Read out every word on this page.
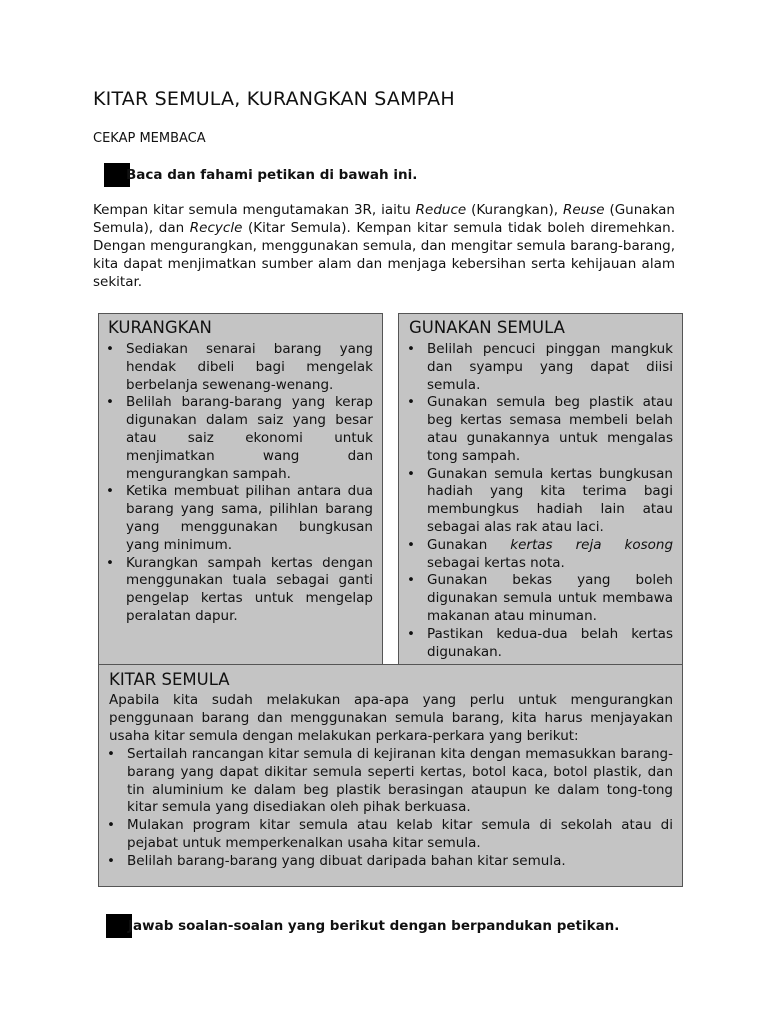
KITAR SEMULA, KURANGKAN SAMPAH
CEKAP MEMBACA
Baca dan fahami petikan di bawah ini.

Kempan kitar semula mengutamakan 3R, iaitu Reduce (Kurangkan), Reuse (Gunakan Semula), dan Recycle (Kitar Semula). Kempan kitar semula tidak boleh diremehkan. Dengan mengurangkan, menggunakan semula, dan mengitar semula barang-barang, kita dapat menjimatkan sumber alam dan menjaga kebersihan serta kehijauan alam sekitar.

KURANGKAN
• Sediakan senarai barang yang hendak dibeli bagi mengelak berbelanja sewenang-wenang.
• Belilah barang-barang yang kerap digunakan dalam saiz yang besar atau saiz ekonomi untuk menjimatkan wang dan mengurangkan sampah.
• Ketika membuat pilihan antara dua barang yang sama, pilihlan barang yang menggunakan bungkusan yang minimum.
• Kurangkan sampah kertas dengan menggunakan tuala sebagai ganti pengelap kertas untuk mengelap peralatan dapur.
GUNAKAN SEMULA
• Belilah pencuci pinggan mangkuk dan syampu yang dapat diisi semula.
• Gunakan semula beg plastik atau beg kertas semasa membeli belah atau gunakannya untuk mengalas tong sampah.
• Gunakan semula kertas bungkusan hadiah yang kita terima bagi membungkus hadiah lain atau sebagai alas rak atau laci.
• Gunakan kertas reja kosong sebagai kertas nota.
• Gunakan bekas yang boleh digunakan semula untuk membawa makanan atau minuman.
• Pastikan kedua-dua belah kertas digunakan.
KITAR SEMULA

Apabila kita sudah melakukan apa-apa yang perlu untuk mengurangkan penggunaan barang dan menggunakan semula barang, kita harus menjayakan usaha kitar semula dengan melakukan perkara-perkara yang berikut:

• Sertailah rancangan kitar semula di kejiranan kita dengan memasukkan barang-barang yang dapat dikitar semula seperti kertas, botol kaca, botol plastik, dan tin aluminium ke dalam beg plastik berasingan ataupun ke dalam tong-tong kitar semula yang disediakan oleh pihak berkuasa.
• Mulakan program kitar semula atau kelab kitar semula di sekolah atau di pejabat untuk memperkenalkan usaha kitar semula.
• Belilah barang-barang yang dibuat daripada bahan kitar semula.
Jawab soalan-soalan yang berikut dengan berpandukan petikan.
